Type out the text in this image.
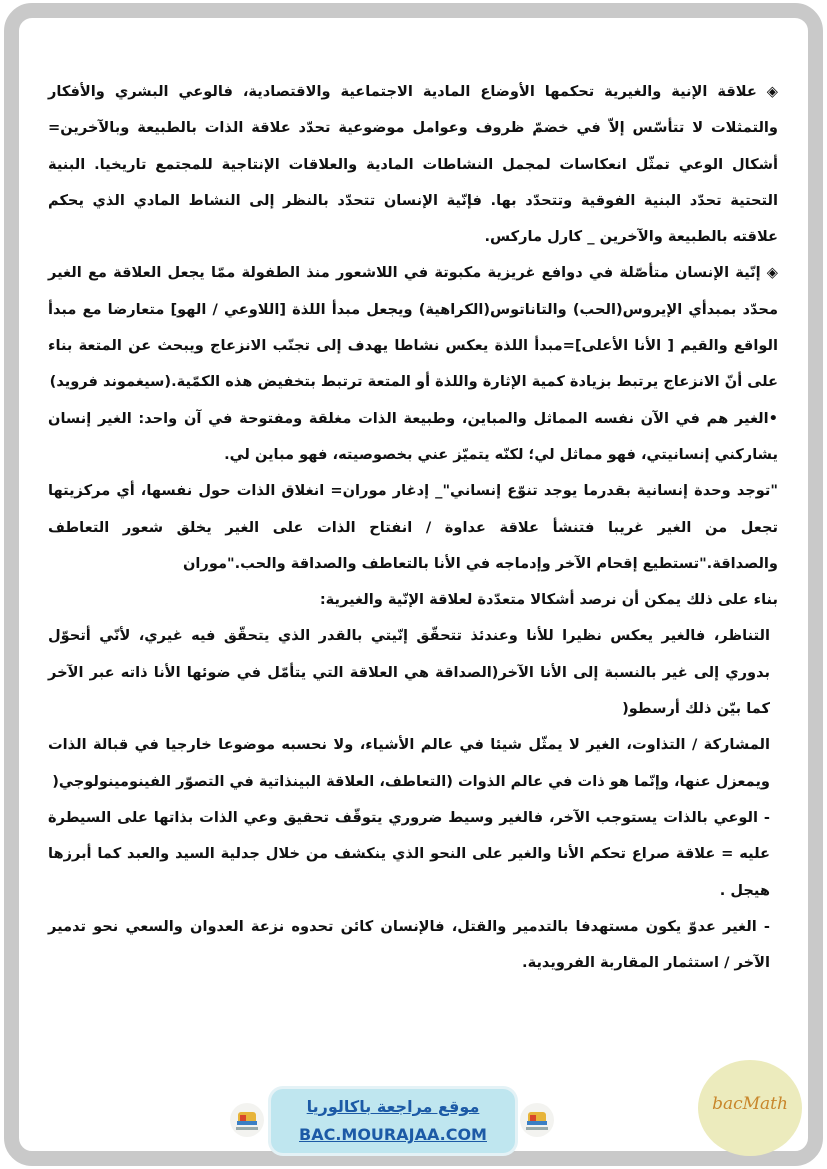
◈ علاقة الإنية والغيرية تحكمها الأوضاع المادية الاجتماعية والاقتصادية، فالوعي البشري والأفكار والتمثلات لا تتأسّس إلاّ في خضمّ ظروف وعوامل موضوعية تحدّد علاقة الذات بالطبيعة وبالآخرين= أشكال الوعي تمثّل انعكاسات لمجمل النشاطات المادية والعلاقات الإنتاجية للمجتمع تاريخيا. البنية التحتية تحدّد البنية الفوقية وتتحدّد بها. فإنّية الإنسان تتحدّد بالنظر إلى النشاط المادي الذي يحكم علاقته بالطبيعة والآخرين _ كارل ماركس.

◈ إنّية الإنسان متأصّلة في دوافع غريزية مكبوتة في اللاشعور منذ الطفولة ممّا يجعل العلاقة مع الغير محدّد بمبدأي الإيروس(الحب) والتاناتوس(الكراهية) ويجعل مبدأ اللذة [اللاوعي / الهو] متعارضا مع مبدأ الواقع والقيم [ الأنا الأعلى]=مبدأ اللذة يعكس نشاطا يهدف إلى تجنّب الانزعاج ويبحث عن المتعة بناء على أنّ الانزعاج يرتبط بزيادة كمية الإثارة واللذة أو المتعة ترتبط بتخفيض هذه الكمّية.(سيغموند فرويد)

•الغير هم في الآن نفسه المماثل والمباين، وطبيعة الذات مغلقة ومفتوحة في آن واحد: الغير إنسان يشاركني إنسانيتي، فهو مماثل لي؛ لكنّه يتميّز عني بخصوصيته، فهو مباين لي.

"توجد وحدة إنسانية بقدرما يوجد تنوّع إنساني"_ إدغار موران= انغلاق الذات حول نفسها، أي مركزيتها تجعل من الغير غريبا فتنشأ علاقة عداوة / انفتاح الذات على الغير يخلق شعور التعاطف والصداقة."تستطيع إقحام الآخر وإدماجه في الأنا بالتعاطف والصداقة والحب."موران

بناء على ذلك يمكن أن نرصد أشكالا متعدّدة لعلاقة الإنّية والغيرية:

التناظر، فالغير يعكس نظيرا للأنا وعندئذ تتحقّق إنّيتي بالقدر الذي يتحقّق فيه غيري، لأنّي أتحوّل بدوري إلى غير بالنسبة إلى الأنا الآخر(الصداقة هي العلاقة التي يتأمّل في ضوئها الأنا ذاته عبر الآخر كما بيّن ذلك أرسطو(

المشاركة / التذاوت، الغير لا يمثّل شيئا في عالم الأشياء، ولا نحسبه موضوعا خارجيا في قبالة الذات ويمعزل عنها، وإنّما هو ذات في عالم الذوات (التعاطف، العلاقة البينذاتية في التصوّر الفينومينولوجي(

- الوعي بالذات يستوجب الآخر، فالغير وسيط ضروري يتوقّف تحقيق وعي الذات بذاتها على السيطرة عليه = علاقة صراع تحكم الأنا والغير على النحو الذي ينكشف من خلال جدلية السيد والعبد كما أبرزها هيجل .

- الغير عدوّ يكون مستهدفا بالتدمير والقتل، فالإنسان كائن تحدوه نزعة العدوان والسعي نحو تدمير الآخر / استثمار المقاربة الفرويدية.

موقع مراجعة باكالوريا
BAC.MOURAJAA.COM
bacMath
